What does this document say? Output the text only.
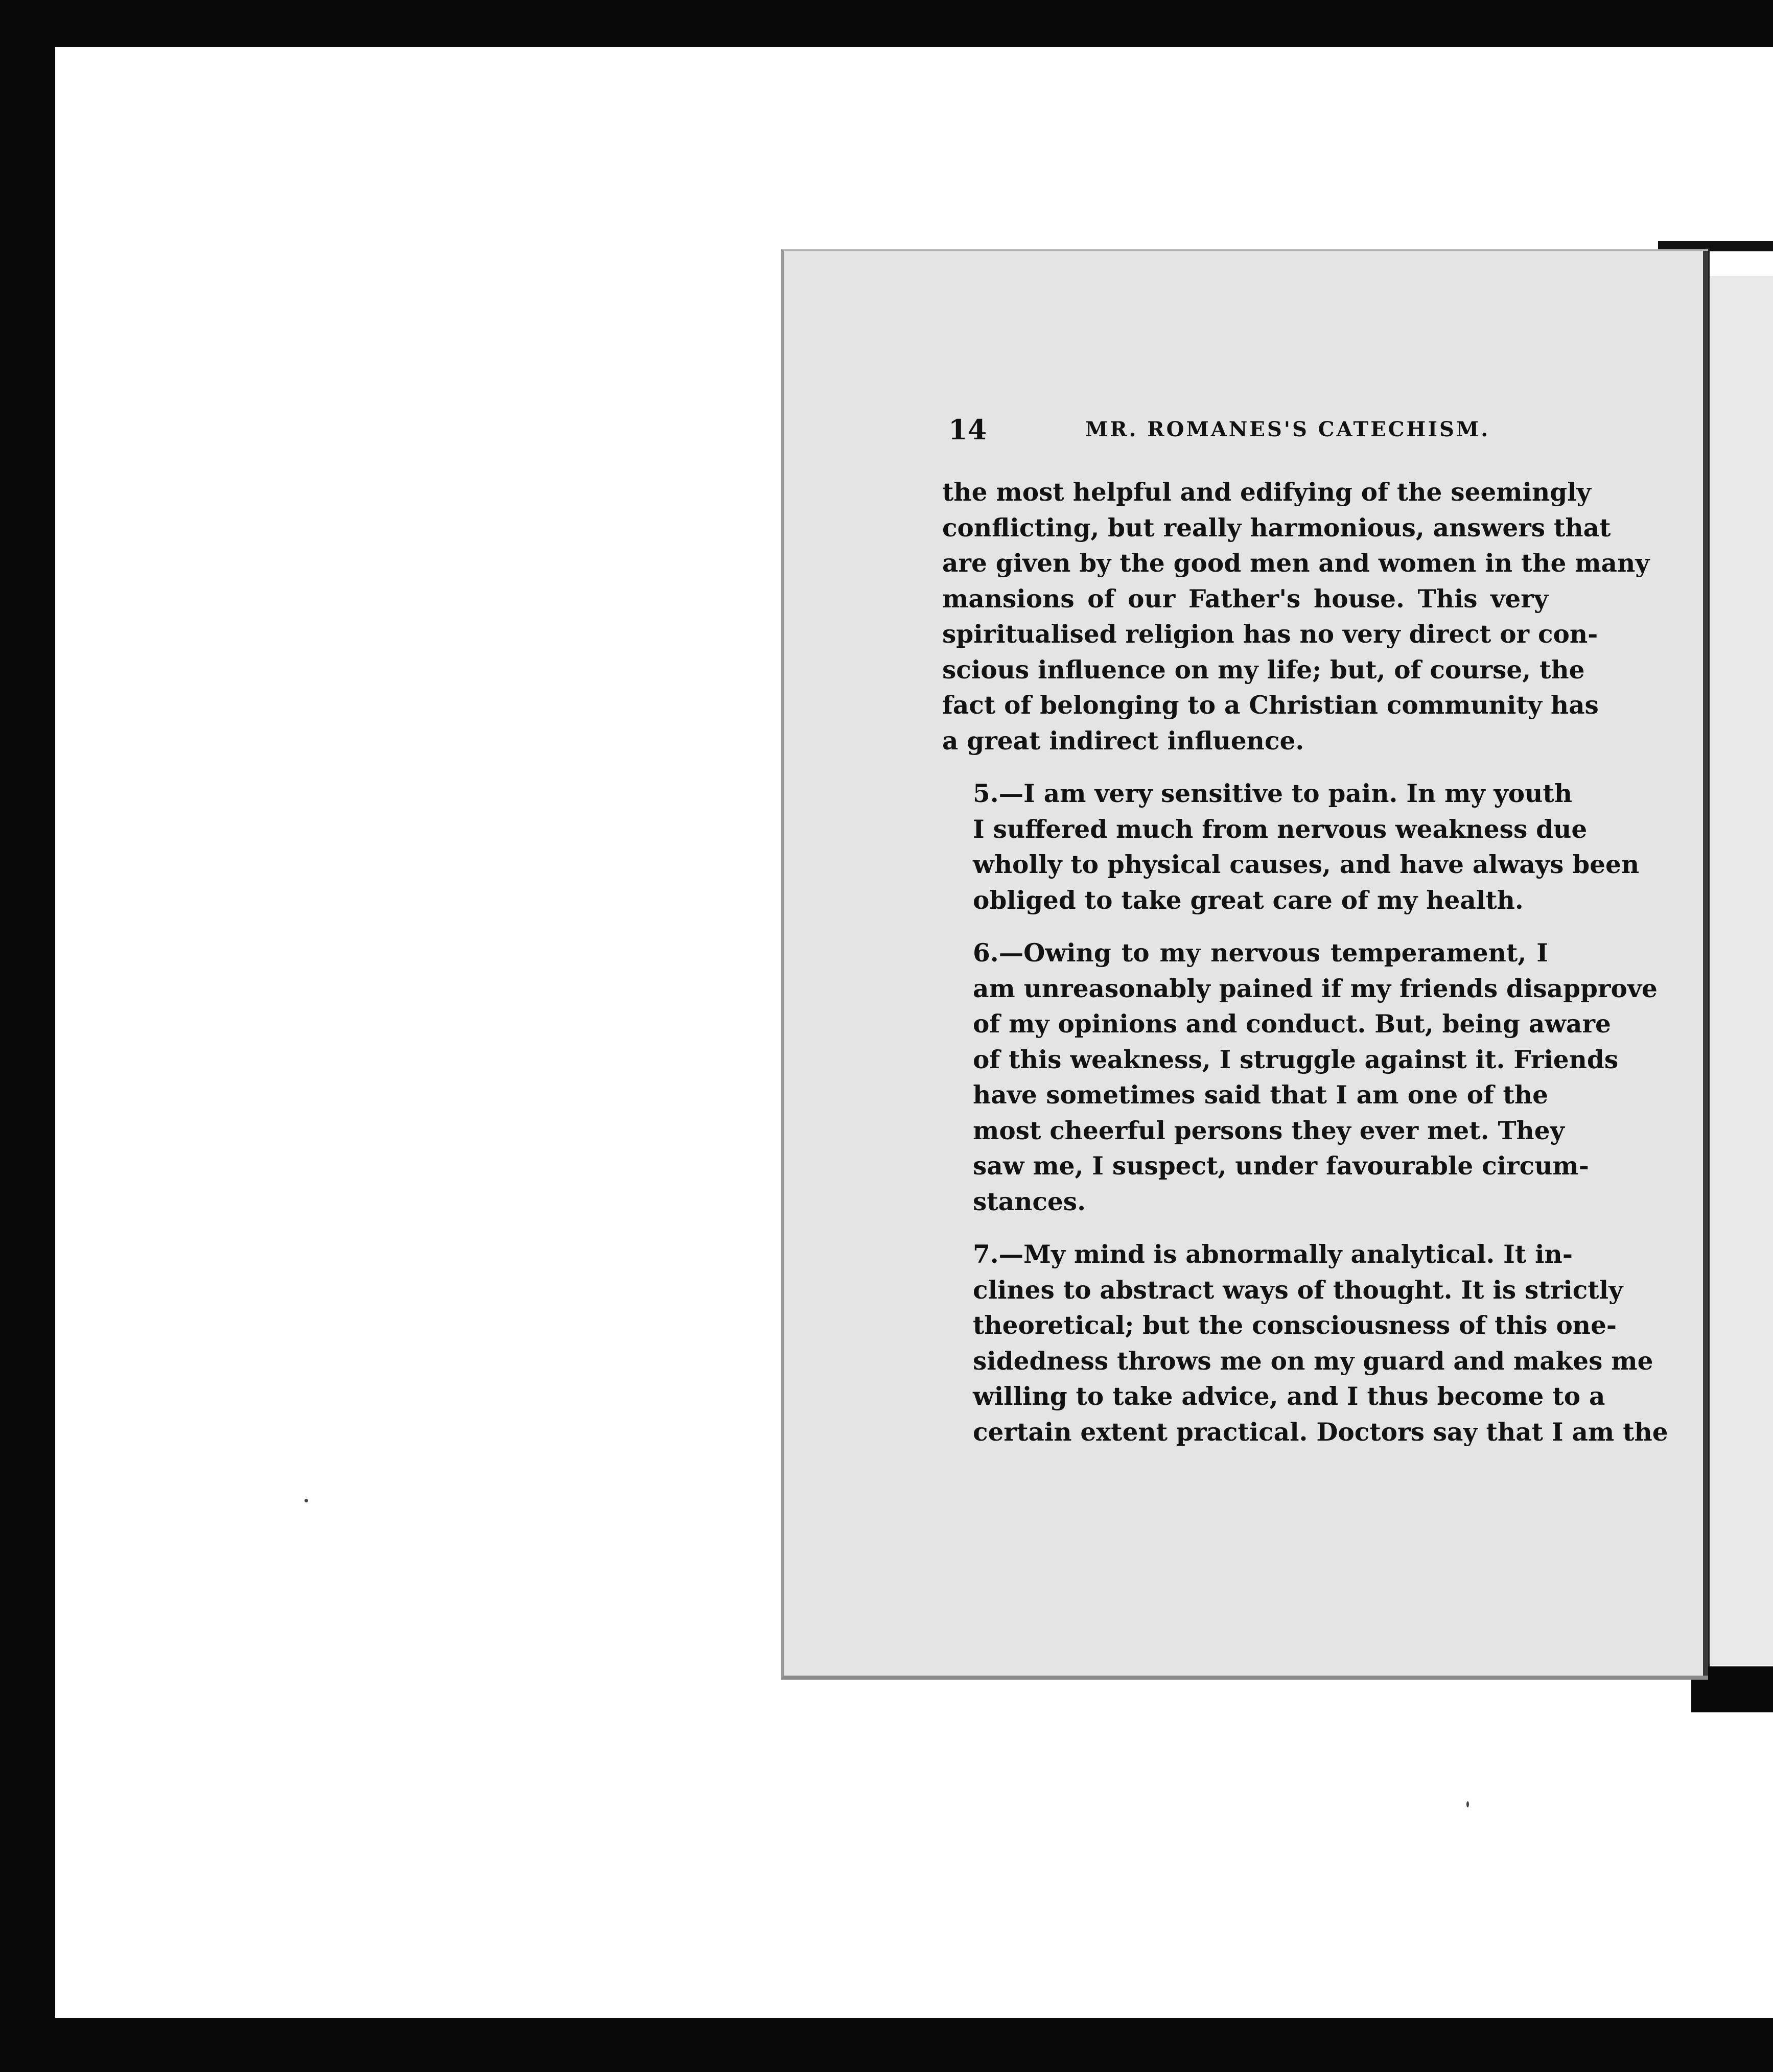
14	MR. ROMANES'S CATECHISM.

the most helpful and edifying of the seemingly
conflicting, but really harmonious, answers that
are given by the good men and women in the many
mansions of our Father's house. This very
spiritualised religion has no very direct or con-
scious influence on my life; but, of course, the
fact of belonging to a Christian community has
a great indirect influence.

5.—I am very sensitive to pain. In my youth
I suffered much from nervous weakness due
wholly to physical causes, and have always been
obliged to take great care of my health.

6.—Owing to my nervous temperament, I
am unreasonably pained if my friends disapprove
of my opinions and conduct. But, being aware
of this weakness, I struggle against it. Friends
have sometimes said that I am one of the
most cheerful persons they ever met. They
saw me, I suspect, under favourable circum-
stances.

7.—My mind is abnormally analytical. It in-
clines to abstract ways of thought. It is strictly
theoretical; but the consciousness of this one-
sidedness throws me on my guard and makes me
willing to take advice, and I thus become to a
certain extent practical. Doctors say that I am the
